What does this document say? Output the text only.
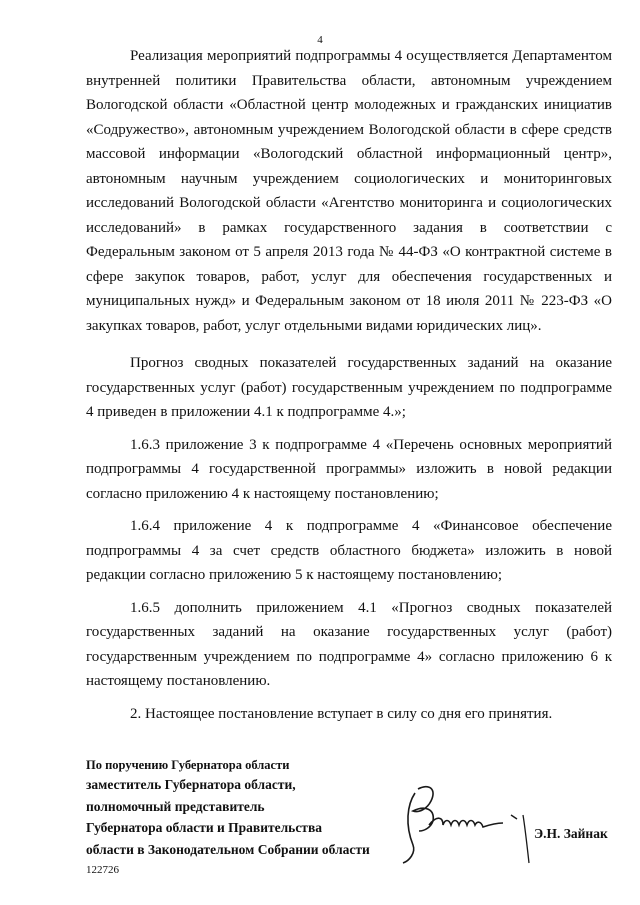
4

Реализация мероприятий подпрограммы 4 осуществляется Департаментом внутренней политики Правительства области, автономным учреждением Вологодской области «Областной центр молодежных и гражданских инициатив «Содружество», автономным учреждением Вологодской области в сфере средств массовой информации «Вологодский областной информационный центр», автономным научным учреждением социологических и мониторинговых исследований Вологодской области «Агентство мониторинга и социологических исследований» в рамках государственного задания в соответствии с Федеральным законом от 5 апреля 2013 года № 44-ФЗ «О контрактной системе в сфере закупок товаров, работ, услуг для обеспечения государственных и муниципальных нужд» и Федеральным законом от 18 июля 2011 № 223-ФЗ «О закупках товаров, работ, услуг отдельными видами юридических лиц».

Прогноз сводных показателей государственных заданий на оказание государственных услуг (работ) государственным учреждением по подпрограмме 4 приведен в приложении 4.1 к подпрограмме 4.»;

1.6.3 приложение 3 к подпрограмме 4 «Перечень основных мероприятий подпрограммы 4 государственной программы» изложить в новой редакции согласно приложению 4 к настоящему постановлению;

1.6.4 приложение 4 к подпрограмме 4 «Финансовое обеспечение подпрограммы 4 за счет средств областного бюджета» изложить в новой редакции согласно приложению 5 к настоящему постановлению;

1.6.5 дополнить приложением 4.1 «Прогноз сводных показателей государственных заданий на оказание государственных услуг (работ) государственным учреждением по подпрограмме 4» согласно приложению 6 к настоящему постановлению.

2. Настоящее постановление вступает в силу со дня его принятия.

По поручению Губернатора области
заместитель Губернатора области,
полномочный представитель
Губернатора области и Правительства
области в Законодательном Собрании области
Э.Н. Зайнак
122726
